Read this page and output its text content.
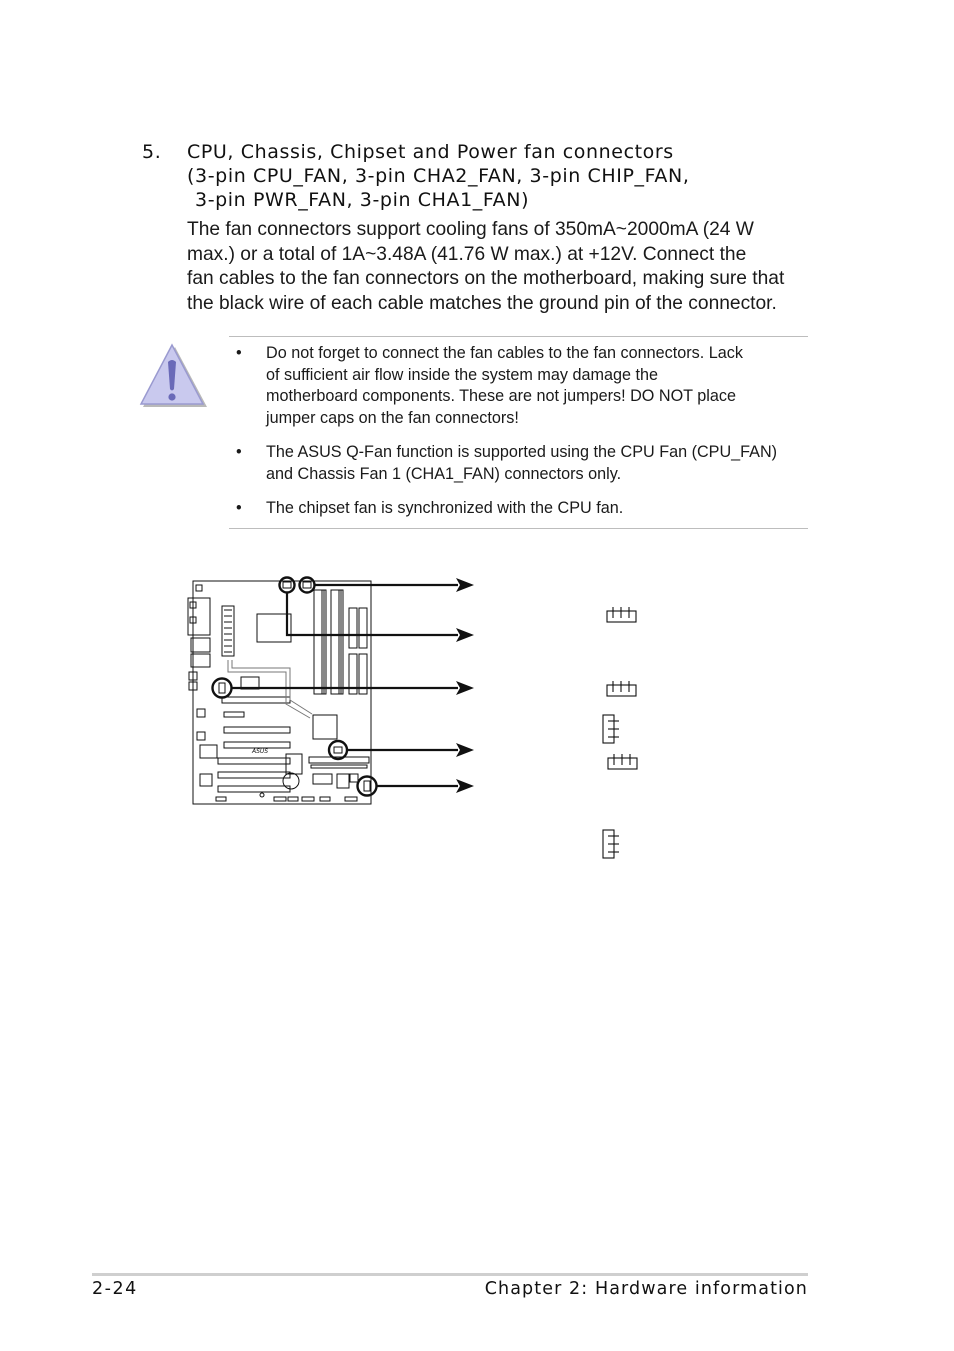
5. CPU, Chassis, Chipset and Power fan connectors
(3-pin CPU_FAN, 3-pin CHA2_FAN, 3-pin CHIP_FAN,
3-pin PWR_FAN, 3-pin CHA1_FAN)
The fan connectors support cooling fans of 350mA~2000mA (24 W
max.) or a total of 1A~3.48A (41.76 W max.) at +12V. Connect the
fan cables to the fan connectors on the motherboard, making sure that
the black wire of each cable matches the ground pin of the connector.
• Do not forget to connect the fan cables to the fan connectors. Lack
of sufficient air flow inside the system may damage the
motherboard components. These are not jumpers! DO NOT place
jumper caps on the fan connectors!
• The ASUS Q-Fan function is supported using the CPU Fan (CPU_FAN)
and Chassis Fan 1 (CHA1_FAN) connectors only.
• The chipset fan is synchronized with the CPU fan.
ASUS
2-24	Chapter 2: Hardware information
